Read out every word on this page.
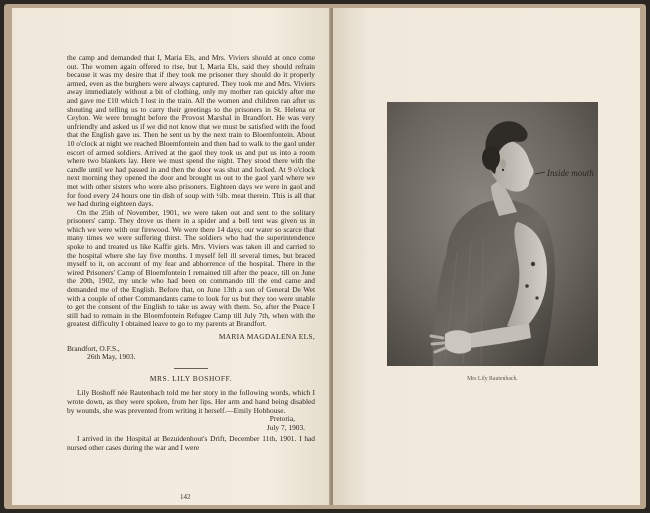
the camp and demanded that I, Maria Els, and Mrs. Viviers should at once come out. The women again offered to rise, but I, Maria Els, said they should refrain because it was my desire that if they took me prisoner they should do it properly armed, even as the burghers were always captured. They took me and Mrs. Viviers away immediately without a bit of clothing, only my mother ran quickly after me and gave me £10 which I lost in the train. All the women and children ran after us shouting and telling us to carry their greetings to the prisoners in St. Helena or Ceylon. We were brought before the Provost Marshal in Brandfort. He was very unfriendly and asked us if we did not know that we must be satisfied with the food that the English gave us. Then he sent us by the next train to Bloemfontein. About 10 o'clock at night we reached Bloemfontein and then had to walk to the gaol under escort of armed soldiers. Arrived at the gaol they took us and put us into a room where two blankets lay. Here we must spend the night. They stood there with the candle until we had passed in and then the door was shut and locked. At 9 o'clock next morning they opened the door and brought us out to the gaol yard where we met with other sisters who were also prisoners. Eighteen days we were in gaol and for food every 24 hours one tin dish of soup with ½lb. meat therein. This is all that we had during eighteen days.

On the 25th of November, 1901, we were taken out and sent to the solitary prisoners' camp. They drove us there in a spider and a bell tent was given us in which we were with our firewood. We were there 14 days; our water so scarce that many times we were suffering thirst. The soldiers who had the superintendence spoke to and treated us like Kaffir girls. Mrs. Viviers was taken ill and carried to the hospital where she lay five months. I myself fell ill several times, but braced myself to it, on account of my fear and abhorrence of the hospital. There in the wired Prisoners' Camp of Bloemfontein I remained till after the peace, till on June the 20th, 1902, my uncle who had been on commando till the end came and demanded me of the English. Before that, on June 13th a son of General De Wet with a couple of other Commandants came to look for us but they too were unable to get the consent of the English to take us away with them. So, after the Peace I still had to remain in the Bloemfontein Refugee Camp till July 7th, when with the greatest difficulty I obtained leave to go to my parents at Brandfort.

MARIA MAGDALENA ELS,
Brandfort, O.F.S.,
26th May, 1903.
MRS. LILY BOSHOFF.

Lily Boshoff née Rautenbach told me her story in the following words, which I wrote down, as they were spoken, from her lips. Her arm and hand being disabled by wounds, she was prevented from writing it herself.—Emily Hobhouse.

Pretoria,
July 7, 1903.

I arrived in the Hospital at Bezuidenhout's Drift, December 11th, 1901. I had nursed other cases during the war and I were

142
Inside mouth
Mrs Lily Rautenbach.
